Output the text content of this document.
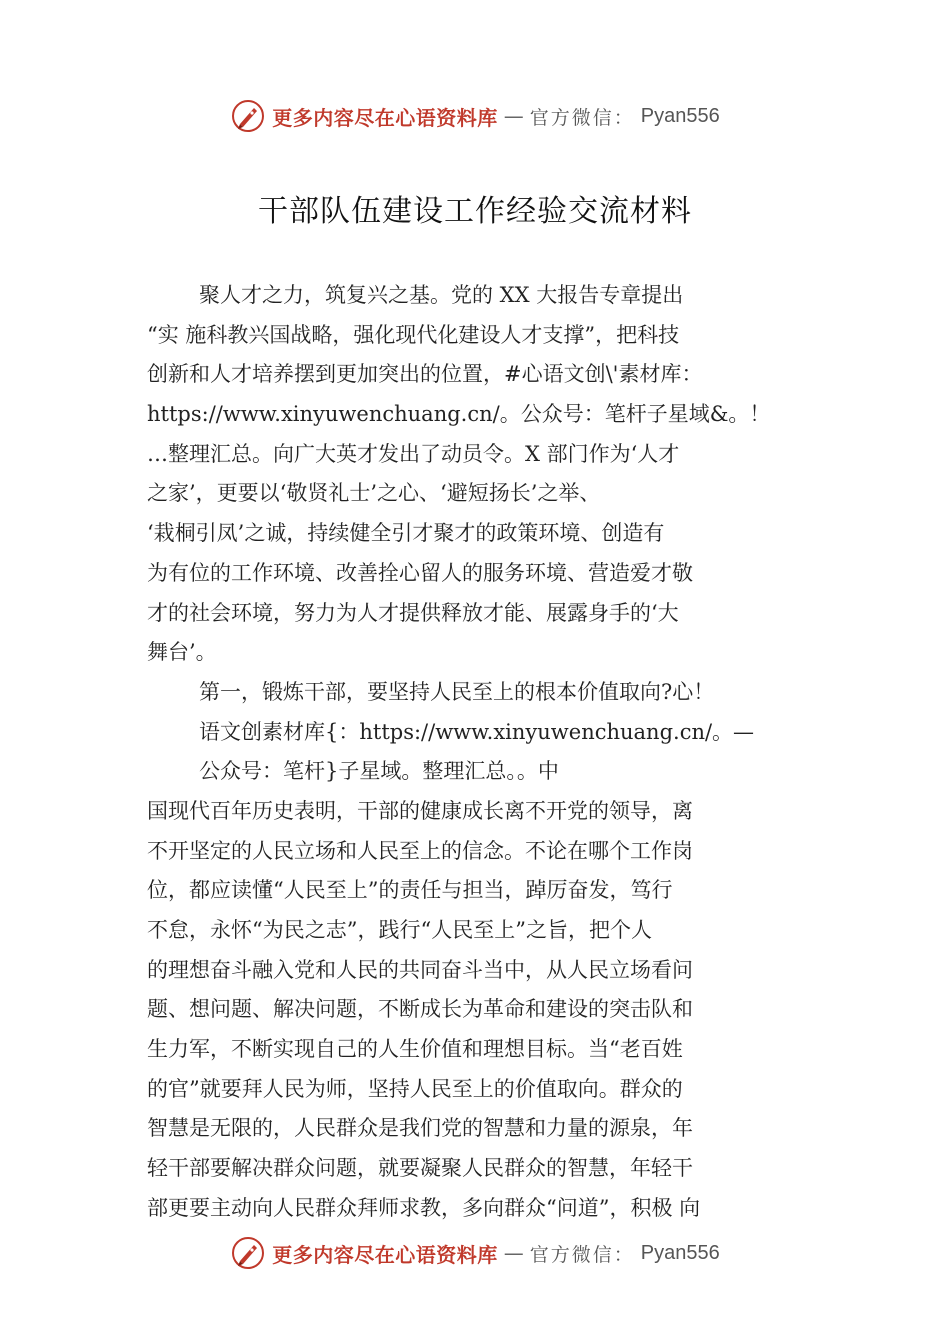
更多内容尽在心语资料库 — 官方微信： Pyan556
干部队伍建设工作经验交流材料
聚人才之力，筑复兴之基。党的 XX 大报告专章提出
“实 施科教兴国战略，强化现代化建设人才支撑”，把科技
创新和人才培养摆到更加突出的位置，#心语文创\'素材库：
https://www.xinyuwenchuang.cn/。公众号：笔杆子星域&。！
…整理汇总。向广大英才发出了动员令。X 部门作为‘人才
之家’，更要以‘敬贤礼士’之心、‘避短扬长’之举、
‘栽桐引凤’之诚，持续健全引才聚才的政策环境、创造有
为有位的工作环境、改善拴心留人的服务环境、营造爱才敬
才的社会环境，努力为人才提供释放才能、展露身手的‘大
舞台’。
第一，锻炼干部，要坚持人民至上的根本价值取向?心！
语文创素材库{：https://www.xinyuwenchuang.cn/。—
公众号：笔杆}子星域。整理汇总。。中
国现代百年历史表明，干部的健康成长离不开党的领导，离
不开坚定的人民立场和人民至上的信念。不论在哪个工作岗
位，都应读懂“人民至上”的责任与担当，踔厉奋发，笃行
不怠，永怀“为民之志”，践行“人民至上”之旨，把个人
的理想奋斗融入党和人民的共同奋斗当中，从人民立场看问
题、想问题、解决问题，不断成长为革命和建设的突击队和
生力军，不断实现自己的人生价值和理想目标。当“老百姓
的官”就要拜人民为师，坚持人民至上的价值取向。群众的
智慧是无限的，人民群众是我们党的智慧和力量的源泉，年
轻干部要解决群众问题，就要凝聚人民群众的智慧，年轻干
部更要主动向人民群众拜师求教，多向群众“问道”，积极 向
更多内容尽在心语资料库 — 官方微信： Pyan556
